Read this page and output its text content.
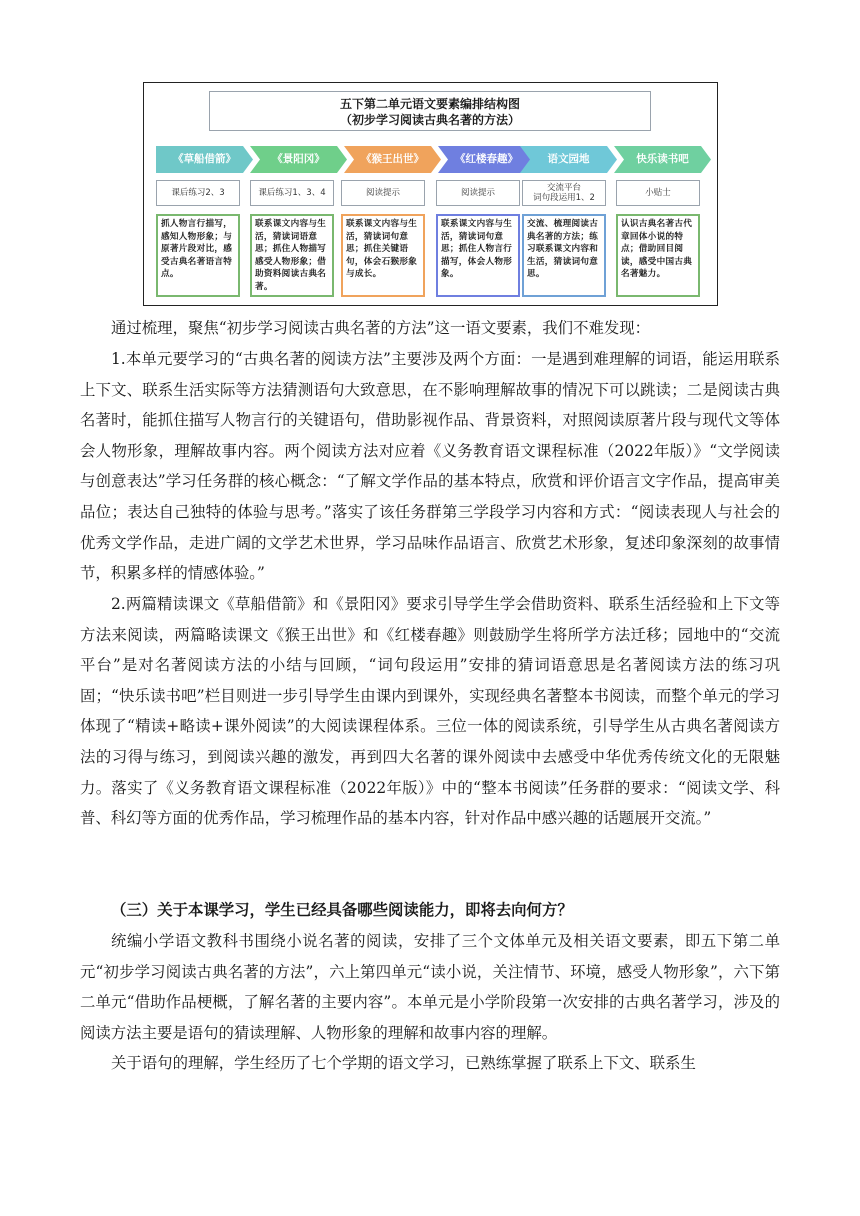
五下第二单元语文要素编排结构图
（初步学习阅读古典名著的方法）
《草船借箭》
课后练习2、3
抓人物言行描写，感知人物形象；与原著片段对比，感受古典名著语言特点。
《景阳冈》
课后练习1、3、4
联系课文内容与生活，猜读词语意思；抓住人物描写感受人物形象；借助资料阅读古典名著。
《猴王出世》
阅读提示
联系课文内容与生活，猜读词句意思；抓住关键语句，体会石猴形象与成长。
《红楼春趣》
阅读提示
联系课文内容与生活，猜读词句意思；抓住人物言行描写，体会人物形象。
语文园地
交流平台
词句段运用1、2
交流、梳理阅读古典名著的方法；练习联系课文内容和生活，猜读词句意思。
快乐读书吧
小贴士
认识古典名著古代章回体小说的特点；借助回目阅读，感受中国古典名著魅力。

通过梳理，聚焦“初步学习阅读古典名著的方法”这一语文要素，我们不难发现：

1.本单元要学习的“古典名著的阅读方法”主要涉及两个方面：一是遇到难理解的词语，能运用联系上下文、联系生活实际等方法猜测语句大致意思，在不影响理解故事的情况下可以跳读；二是阅读古典名著时，能抓住描写人物言行的关键语句，借助影视作品、背景资料，对照阅读原著片段与现代文等体会人物形象，理解故事内容。两个阅读方法对应着《义务教育语文课程标准（2022年版）》“文学阅读与创意表达”学习任务群的核心概念：“了解文学作品的基本特点，欣赏和评价语言文字作品，提高审美品位；表达自己独特的体验与思考。”落实了该任务群第三学段学习内容和方式：“阅读表现人与社会的优秀文学作品，走进广阔的文学艺术世界，学习品味作品语言、欣赏艺术形象，复述印象深刻的故事情节，积累多样的情感体验。”

2.两篇精读课文《草船借箭》和《景阳冈》要求引导学生学会借助资料、联系生活经验和上下文等方法来阅读，两篇略读课文《猴王出世》和《红楼春趣》则鼓励学生将所学方法迁移；园地中的“交流平台”是对名著阅读方法的小结与回顾，“词句段运用”安排的猜词语意思是名著阅读方法的练习巩固；“快乐读书吧”栏目则进一步引导学生由课内到课外，实现经典名著整本书阅读，而整个单元的学习体现了“精读+略读+课外阅读”的大阅读课程体系。三位一体的阅读系统，引导学生从古典名著阅读方法的习得与练习，到阅读兴趣的激发，再到四大名著的课外阅读中去感受中华优秀传统文化的无限魅力。落实了《义务教育语文课程标准（2022年版）》中的“整本书阅读”任务群的要求：“阅读文学、科普、科幻等方面的优秀作品，学习梳理作品的基本内容，针对作品中感兴趣的话题展开交流。”

（三）关于本课学习，学生已经具备哪些阅读能力，即将去向何方？

统编小学语文教科书围绕小说名著的阅读，安排了三个文体单元及相关语文要素，即五下第二单元“初步学习阅读古典名著的方法”，六上第四单元“读小说，关注情节、环境，感受人物形象”，六下第二单元“借助作品梗概，了解名著的主要内容”。本单元是小学阶段第一次安排的古典名著学习，涉及的阅读方法主要是语句的猜读理解、人物形象的理解和故事内容的理解。

关于语句的理解，学生经历了七个学期的语文学习，已熟练掌握了联系上下文、联系生
